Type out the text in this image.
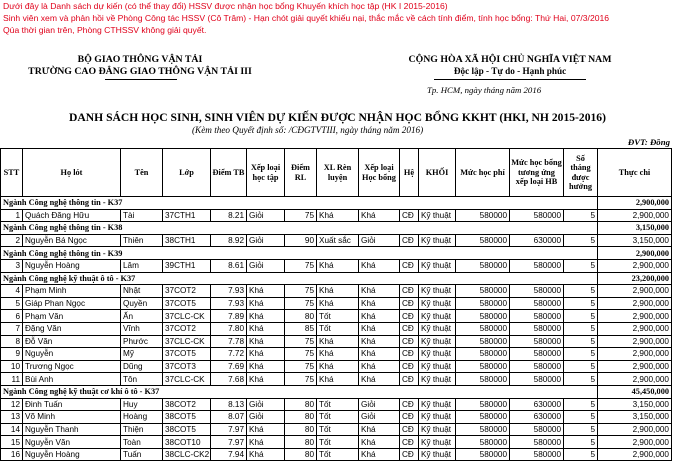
Dưới đây là Danh sách dự kiến (có thể thay đổi) HSSV được nhận học bổng Khuyến khích học tập (HK I 2015-2016)
Sinh viên xem và phản hồi về Phòng Công tác HSSV (Cô Trâm) - Hạn chót giải quyết khiếu nại, thắc mắc về cách tính điểm, tính học bổng: Thứ Hai, 07/3/2016
Qúa thời gian trên, Phòng CTHSSV không giải quyết.
BỘ GIAO THÔNG VẬN TẢI
TRƯỜNG CAO ĐẲNG GIAO THÔNG VẬN TẢI III
CỘNG HÒA XÃ HỘI CHỦ NGHĨA VIỆT NAM
Độc lập - Tự do - Hạnh phúc
Tp. HCM, ngày tháng năm 2016
DANH SÁCH HỌC SINH, SINH VIÊN DỰ KIẾN ĐƯỢC NHẬN HỌC BỔNG KKHT (HKI, NH 2015-2016)
(Kèm theo Quyết định số: /CĐGTVTIII, ngày tháng năm 2016)
ĐVT: Đồng
STT	Họ lót	Tên	Lớp	Điểm TB	Xếp loại học tập	Điểm RL	XL Rèn luyện	Xếp loại Học bổng	Hệ	KHỐI	Mức học phí	Mức học bổng tương ứng xếp loại HB	Số tháng được hưởng	Thực chi
Ngành Công nghệ thông tin - K37														2,900,000
1	Quách Đăng Hữu	Tài	37CTH1	8.21	Giỏi	75	Khá	Khá	CĐ	Kỹ thuật	580000	580000	5	2,900,000
Ngành Công nghệ thông tin - K38														3,150,000
2	Nguyễn Bá Ngọc	Thiên	38CTH1	8.92	Giỏi	90	Xuất sắc	Giỏi	CĐ	Kỹ thuật	580000	630000	5	3,150,000
Ngành Công nghệ thông tin - K39														2,900,000
3	Nguyễn Hoàng	Lâm	39CTH1	8.61	Giỏi	75	Khá	Khá	CĐ	Kỹ thuật	580000	580000	5	2,900,000
Ngành Công nghệ kỹ thuật ô tô - K37														23,200,000
4	Phạm Minh	Nhật	37COT2	7.93	Khá	75	Khá	Khá	CĐ	Kỹ thuật	580000	580000	5	2,900,000
5	Giáp Phan Ngọc	Quyền	37COT5	7.93	Khá	75	Khá	Khá	CĐ	Kỹ thuật	580000	580000	5	2,900,000
6	Phạm Văn	Ấn	37CLC-CK	7.89	Khá	80	Tốt	Khá	CĐ	Kỹ thuật	580000	580000	5	2,900,000
7	Đặng Văn	Vĩnh	37COT2	7.80	Khá	85	Tốt	Khá	CĐ	Kỹ thuật	580000	580000	5	2,900,000
8	Đỗ Văn	Phước	37CLC-CK	7.78	Khá	75	Khá	Khá	CĐ	Kỹ thuật	580000	580000	5	2,900,000
9	Nguyễn	Mỹ	37COT5	7.72	Khá	75	Khá	Khá	CĐ	Kỹ thuật	580000	580000	5	2,900,000
10	Trương Ngọc	Dũng	37COT3	7.69	Khá	75	Khá	Khá	CĐ	Kỹ thuật	580000	580000	5	2,900,000
11	Bùi Anh	Tôn	37CLC-CK	7.68	Khá	75	Khá	Khá	CĐ	Kỹ thuật	580000	580000	5	2,900,000
Ngành Công nghệ kỹ thuật cơ khí ô tô - K37														45,450,000
12	Đinh Tuấn	Huy	38COT2	8.13	Giỏi	80	Tốt	Giỏi	CĐ	Kỹ thuật	580000	630000	5	3,150,000
13	Võ Minh	Hoàng	38COT5	8.07	Giỏi	80	Tốt	Giỏi	CĐ	Kỹ thuật	580000	630000	5	3,150,000
14	Nguyễn Thanh	Thiện	38COT5	7.97	Khá	80	Tốt	Khá	CĐ	Kỹ thuật	580000	580000	5	2,900,000
15	Nguyễn Văn	Toàn	38COT10	7.97	Khá	80	Tốt	Khá	CĐ	Kỹ thuật	580000	580000	5	2,900,000
16	Nguyễn Hoàng	Tuấn	38CLC-CK2	7.94	Khá	80	Tốt	Khá	CĐ	Kỹ thuật	580000	580000	5	2,900,000
